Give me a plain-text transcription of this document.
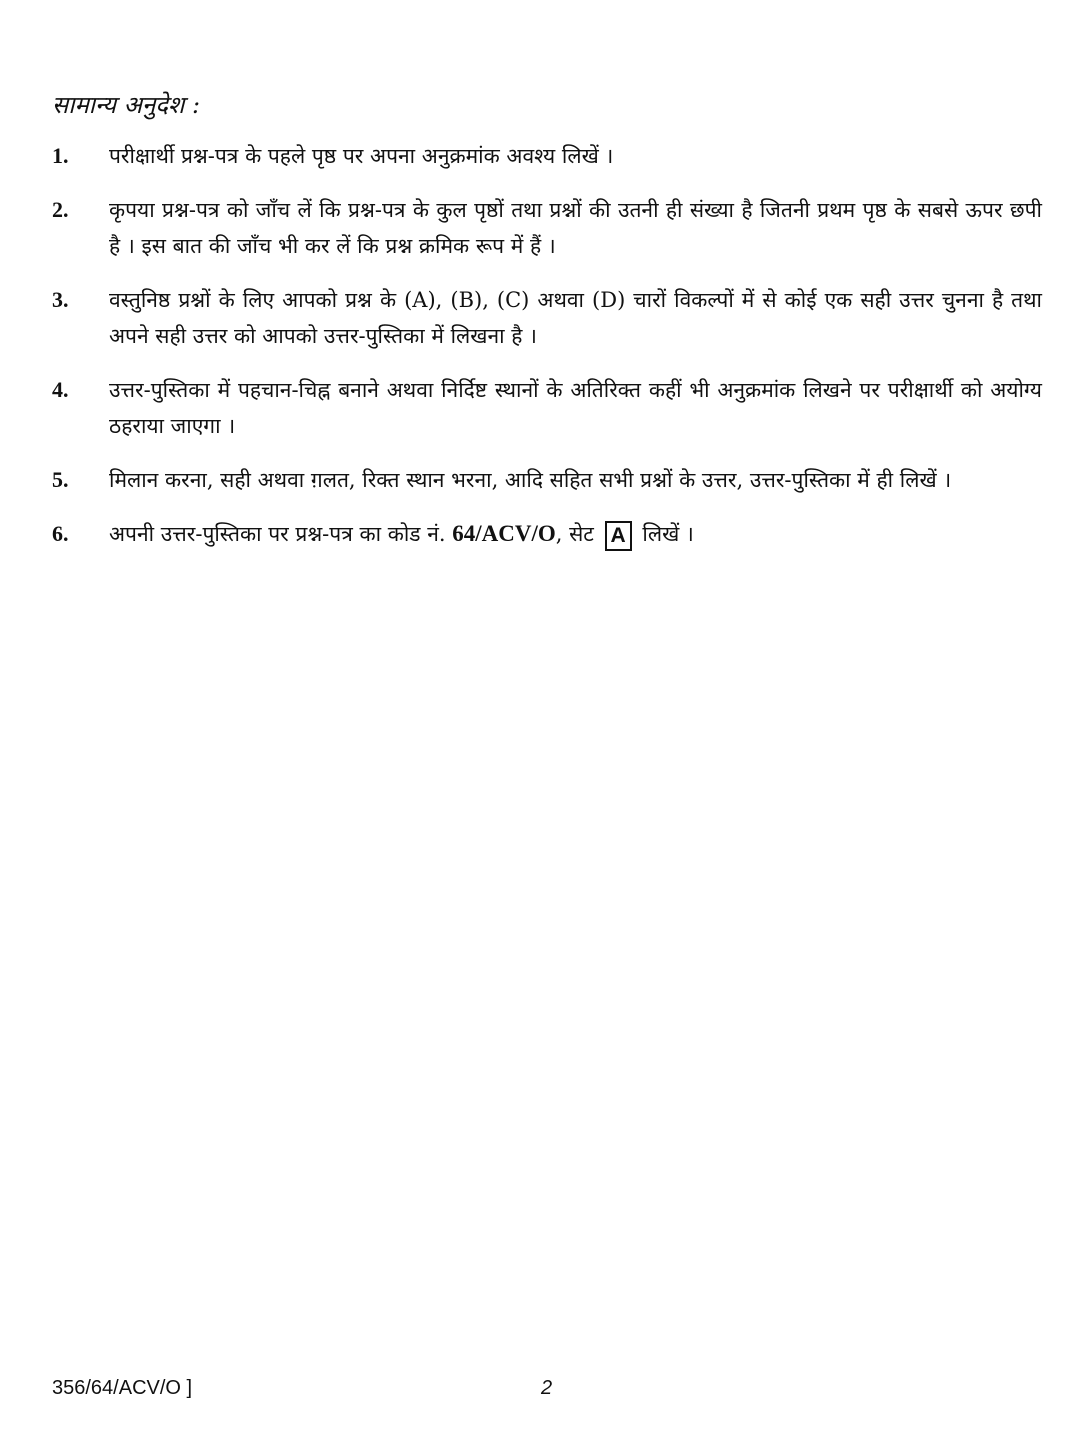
सामान्य अनुदेश :
1.	परीक्षार्थी प्रश्न-पत्र के पहले पृष्ठ पर अपना अनुक्रमांक अवश्य लिखें ।
2.	कृपया प्रश्न-पत्र को जाँच लें कि प्रश्न-पत्र के कुल पृष्ठों तथा प्रश्नों की उतनी ही संख्या है जितनी प्रथम पृष्ठ के सबसे ऊपर छपी है । इस बात की जाँच भी कर लें कि प्रश्न क्रमिक रूप में हैं ।
3.	वस्तुनिष्ठ प्रश्नों के लिए आपको प्रश्न के (A), (B), (C) अथवा (D) चारों विकल्पों में से कोई एक सही उत्तर चुनना है तथा अपने सही उत्तर को आपको उत्तर-पुस्तिका में लिखना है ।
4.	उत्तर-पुस्तिका में पहचान-चिह्न बनाने अथवा निर्दिष्ट स्थानों के अतिरिक्त कहीं भी अनुक्रमांक लिखने पर परीक्षार्थी को अयोग्य ठहराया जाएगा ।
5.	मिलान करना, सही अथवा ग़लत, रिक्त स्थान भरना, आदि सहित सभी प्रश्नों के उत्तर, उत्तर-पुस्तिका में ही लिखें ।
6.	अपनी उत्तर-पुस्तिका पर प्रश्न-पत्र का कोड नं. 64/ACV/O, सेट A लिखें ।
356/64/ACV/O ]	2
